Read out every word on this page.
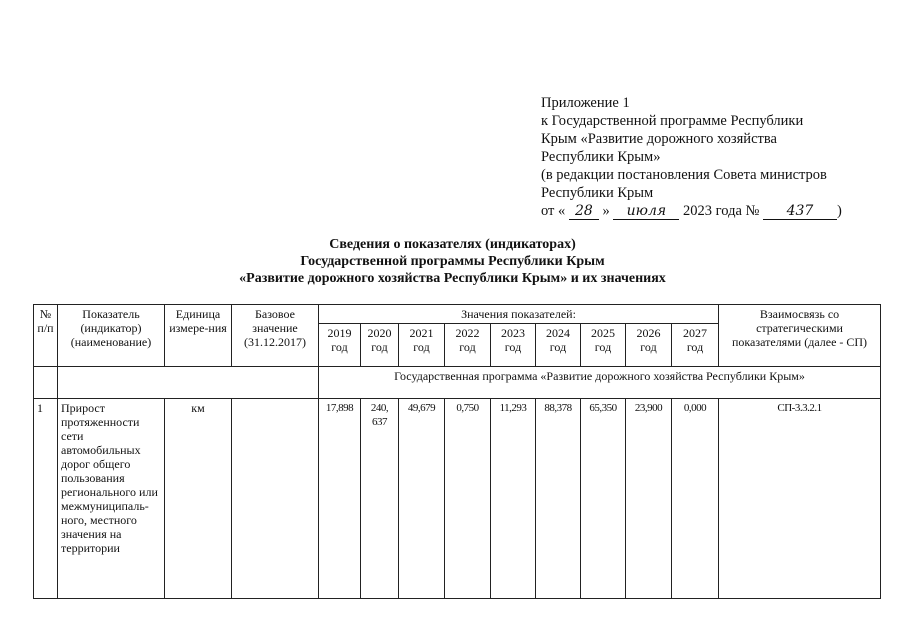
Приложение 1
к Государственной программе Республики
Крым «Развитие дорожного хозяйства
Республики Крым»
(в редакции постановления Совета министров
Республики Крым
от « 28 » июля 2023 года № 437 )
Сведения о показателях (индикаторах)
Государственной программы Республики Крым
«Развитие дорожного хозяйства Республики Крым» и их значениях
№ п/п	Показатель (индикатор) (наименование)	Единица измере-ния	Базовое значение (31.12.2017)	Значения показателей:									Взаимосвязь со стратегическими показателями (далее - СП)
				2019 год	2020 год	2021 год	2022 год	2023 год	2024 год	2025 год	2026 год	2027 год	
				Государственная программа «Развитие дорожного хозяйства Республики Крым»									
1	Прирост протяженности сети автомобильных дорог общего пользования регионального или межмуниципаль-ного, местного значения на территории	км		17,898	240, 637	49,679	0,750	11,293	88,378	65,350	23,900	0,000	СП-3.3.2.1
